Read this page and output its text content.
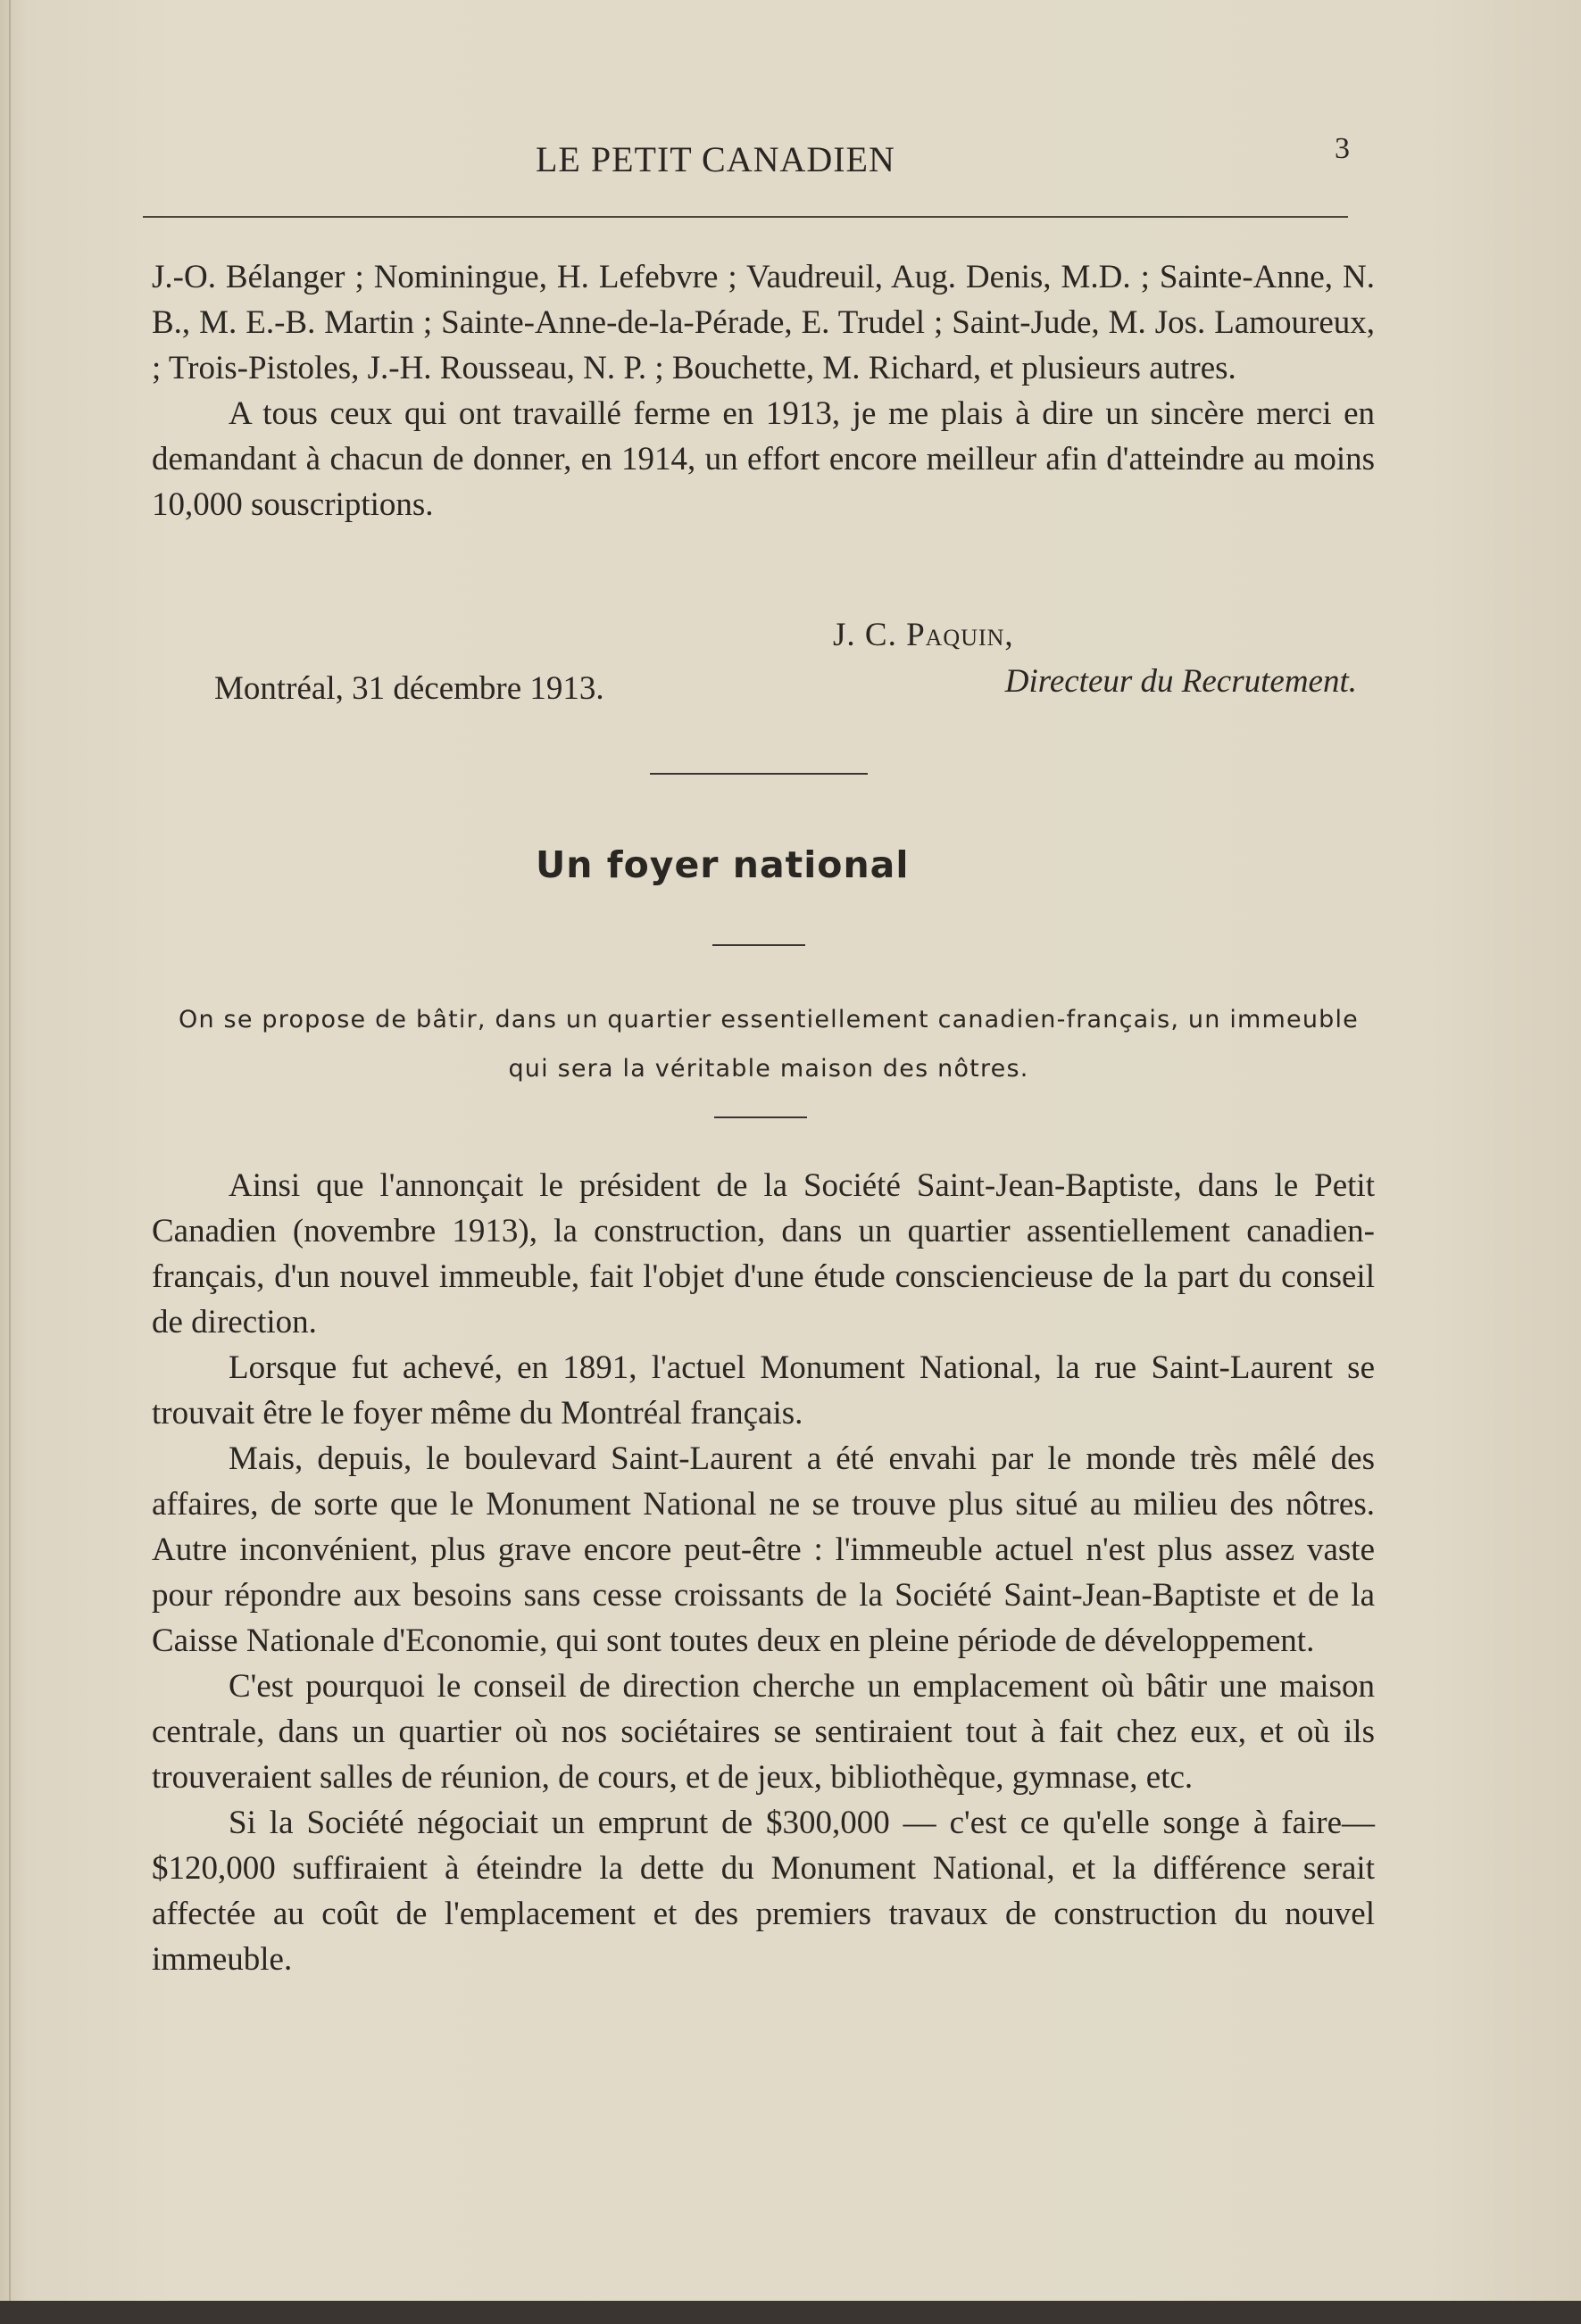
LE PETIT CANADIEN	3

J.-O. Bélanger ; Nominingue, H. Lefebvre ; Vaudreuil, Aug. Denis, M.D. ; Sainte-Anne, N. B., M. E.-B. Martin ; Sainte-Anne-de-la-Pérade, E. Trudel ; Saint-Jude, M. Jos. Lamoureux, ; Trois-Pistoles, J.-H. Rousseau, N. P. ; Bouchette, M. Richard, et plusieurs autres.

A tous ceux qui ont travaillé ferme en 1913, je me plais à dire un sincère merci en demandant à chacun de donner, en 1914, un effort encore meilleur afin d'atteindre au moins 10,000 souscriptions.

J. C. Paquin,
Montréal, 31 décembre 1913.	Directeur du Recrutement.
Un foyer national
On se propose de bâtir, dans un quartier essentiellement canadien-français, un immeuble qui sera la véritable maison des nôtres.

Ainsi que l'annonçait le président de la Société Saint-Jean-Baptiste, dans le Petit Canadien (novembre 1913), la construction, dans un quartier assentiellement canadien-français, d'un nouvel immeuble, fait l'objet d'une étude consciencieuse de la part du conseil de direction.

Lorsque fut achevé, en 1891, l'actuel Monument National, la rue Saint-Laurent se trouvait être le foyer même du Montréal français.

Mais, depuis, le boulevard Saint-Laurent a été envahi par le monde très mêlé des affaires, de sorte que le Monument National ne se trouve plus situé au milieu des nôtres. Autre inconvénient, plus grave encore peut-être : l'immeuble actuel n'est plus assez vaste pour répondre aux besoins sans cesse croissants de la Société Saint-Jean-Baptiste et de la Caisse Nationale d'Economie, qui sont toutes deux en pleine période de développement.

C'est pourquoi le conseil de direction cherche un emplacement où bâtir une maison centrale, dans un quartier où nos sociétaires se sentiraient tout à fait chez eux, et où ils trouveraient salles de réunion, de cours, et de jeux, bibliothèque, gymnase, etc.

Si la Société négociait un emprunt de $300,000 — c'est ce qu'elle songe à faire—$120,000 suffiraient à éteindre la dette du Monument National, et la différence serait affectée au coût de l'emplacement et des premiers travaux de construction du nouvel immeuble.
